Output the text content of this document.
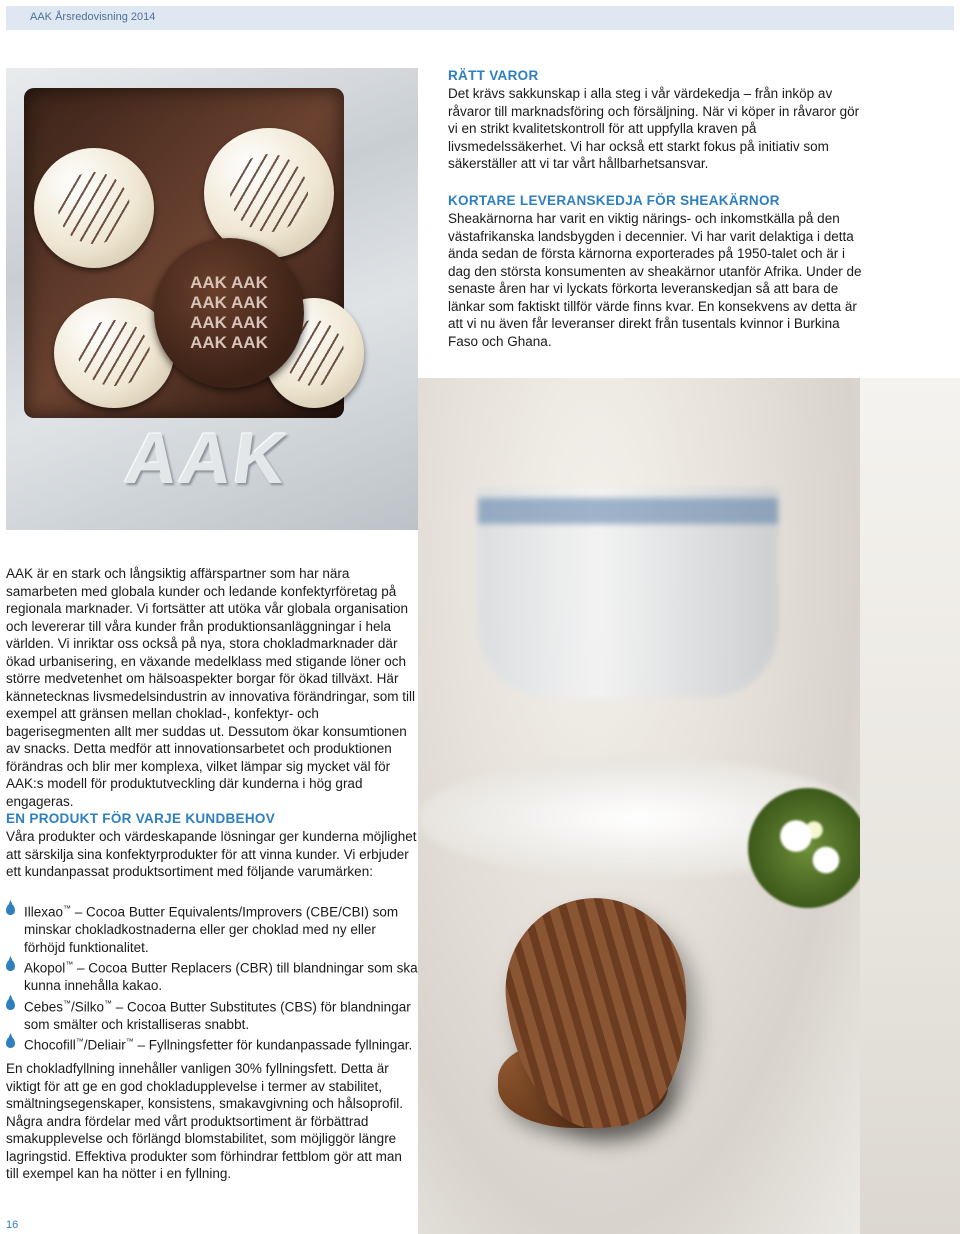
AAK Årsredovisning 2014
AAK AAK
AAK AAK
AAK AAK
AAK AAK
AAK
RÄTT VAROR

Det krävs sakkunskap i alla steg i vår värdekedja – från inköp av råvaror till marknadsföring och försäljning. När vi köper in råvaror gör vi en strikt kvalitetskontroll för att uppfylla kraven på livsmedelssäkerhet. Vi har också ett starkt fokus på initiativ som säkerställer att vi tar vårt hållbarhetsansvar.

KORTARE LEVERANSKEDJA FÖR SHEAKÄRNOR

Sheakärnorna har varit en viktig närings- och inkomstkälla på den västafrikanska landsbygden i decennier. Vi har varit delaktiga i detta ända sedan de första kärnorna exporterades på 1950-talet och är i dag den största konsumenten av sheakärnor utanför Afrika. Under de senaste åren har vi lyckats förkorta leveranskedjan så att bara de länkar som faktiskt tillför värde finns kvar. En konsekvens av detta är att vi nu även får leveranser direkt från tusentals kvinnor i Burkina Faso och Ghana.

AAK är en stark och långsiktig affärspartner som har nära samarbeten med globala kunder och ledande konfektyrföretag på regionala marknader. Vi fortsätter att utöka vår globala organisation och levererar till våra kunder från produktionsanläggningar i hela världen. Vi inriktar oss också på nya, stora chokladmarknader där ökad urbanisering, en växande medelklass med stigande löner och större medvetenhet om hälsoaspekter borgar för ökad tillväxt. Här kännetecknas livsmedelsindustrin av innovativa förändringar, som till exempel att gränsen mellan choklad-, konfektyr- och bagerisegmenten allt mer suddas ut. Dessutom ökar konsumtionen av snacks. Detta medför att innovationsarbetet och produktionen förändras och blir mer komplexa, vilket lämpar sig mycket väl för AAK:s modell för produktutveckling där kunderna i hög grad engageras.

EN PRODUKT FÖR VARJE KUNDBEHOV

Våra produkter och värdeskapande lösningar ger kunderna möjlighet att särskilja sina konfektyrprodukter för att vinna kunder. Vi erbjuder ett kundanpassat produktsortiment med följande varumärken:

Illexao™ – Cocoa Butter Equivalents/Improvers (CBE/CBI) som minskar chokladkostnaderna eller ger choklad med ny eller förhöjd funktionalitet.
Akopol™ – Cocoa Butter Replacers (CBR) till blandningar som ska kunna innehålla kakao.
Cebes™/Silko™ – Cocoa Butter Substitutes (CBS) för blandningar som smälter och kristalliseras snabbt.
Chocofill™/Deliair™ – Fyllningsfetter för kundanpassade fyllningar.

En chokladfyllning innehåller vanligen 30% fyllningsfett. Detta är viktigt för att ge en god chokladupplevelse i termer av stabilitet, smältningsegenskaper, konsistens, smakavgivning och hålsoprofil. Några andra fördelar med vårt produktsortiment är förbättrad smakupplevelse och förlängd blomstabilitet, som möjliggör längre lagringstid. Effektiva produkter som förhindrar fettblom gör att man till exempel kan ha nötter i en fyllning.

16
